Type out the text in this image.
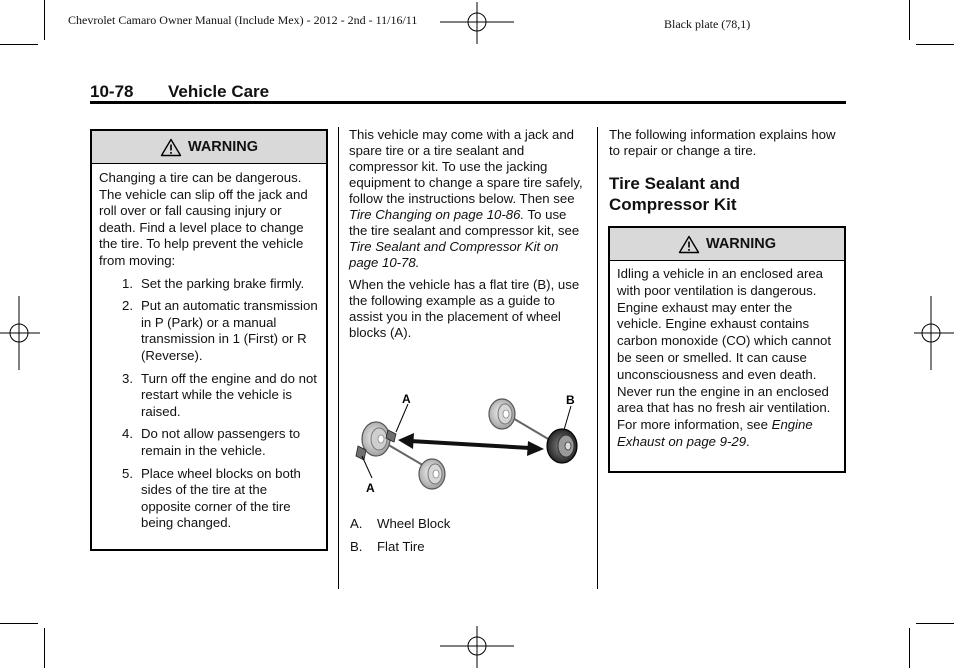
Chevrolet Camaro Owner Manual (Include Mex) - 2012 - 2nd - 11/16/11	Black plate (78,1)
10-78 Vehicle Care
WARNING
Changing a tire can be dangerous. The vehicle can slip off the jack and roll over or fall causing injury or death. Find a level place to change the tire. To help prevent the vehicle from moving:
1. Set the parking brake firmly.
2. Put an automatic transmission in P (Park) or a manual transmission in 1 (First) or R (Reverse).
3. Turn off the engine and do not restart while the vehicle is raised.
4. Do not allow passengers to remain in the vehicle.
5. Place wheel blocks on both sides of the tire at the opposite corner of the tire being changed.

This vehicle may come with a jack and spare tire or a tire sealant and compressor kit. To use the jacking equipment to change a spare tire safely, follow the instructions below. Then see Tire Changing on page 10-86. To use the tire sealant and compressor kit, see Tire Sealant and Compressor Kit on page 10-78.

When the vehicle has a flat tire (B), use the following example as a guide to assist you in the placement of wheel blocks (A).

A
A
B
A. Wheel Block
B. Flat Tire
The following information explains how to repair or change a tire.
Tire Sealant and Compressor Kit
WARNING
Idling a vehicle in an enclosed area with poor ventilation is dangerous. Engine exhaust may enter the vehicle. Engine exhaust contains carbon monoxide (CO) which cannot be seen or smelled. It can cause unconsciousness and even death. Never run the engine in an enclosed area that has no fresh air ventilation. For more information, see Engine Exhaust on page 9-29.
